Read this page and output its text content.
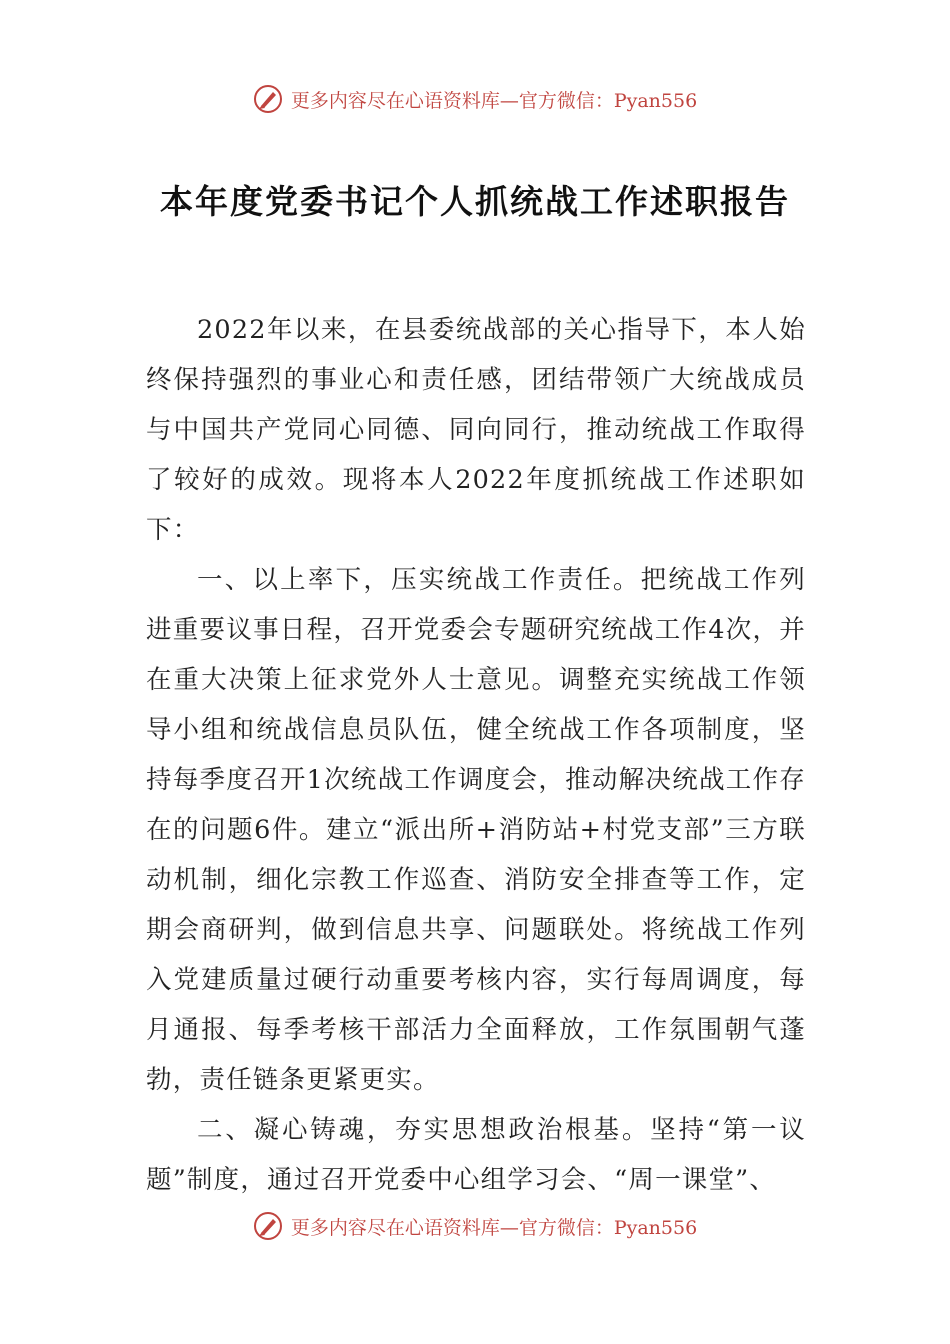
更多内容尽在心语资料库—官方微信：Pyan556
本年度党委书记个人抓统战工作述职报告

2022年以来，在县委统战部的关心指导下，本人始终保持强烈的事业心和责任感，团结带领广大统战成员与中国共产党同心同德、同向同行，推动统战工作取得了较好的成效。现将本人2022年度抓统战工作述职如下：

一、以上率下，压实统战工作责任。把统战工作列进重要议事日程，召开党委会专题研究统战工作4次，并在重大决策上征求党外人士意见。调整充实统战工作领导小组和统战信息员队伍，健全统战工作各项制度，坚持每季度召开1次统战工作调度会，推动解决统战工作存在的问题6件。建立“派出所+消防站+村党支部”三方联动机制，细化宗教工作巡查、消防安全排查等工作，定期会商研判，做到信息共享、问题联处。将统战工作列入党建质量过硬行动重要考核内容，实行每周调度，每月通报、每季考核干部活力全面释放，工作氛围朝气蓬勃，责任链条更紧更实。

二、凝心铸魂，夯实思想政治根基。坚持“第一议题”制度，通过召开党委中心组学习会、“周一课堂”、

更多内容尽在心语资料库—官方微信：Pyan556
